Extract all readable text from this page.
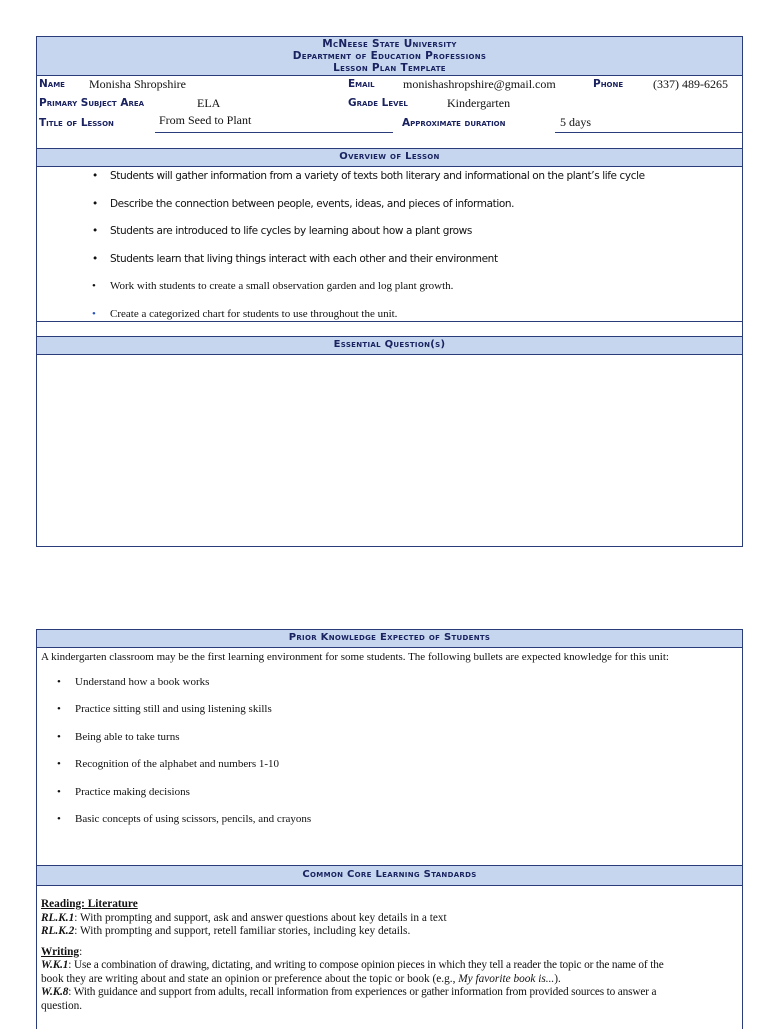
McNeese State University
Department of Education Professions
Lesson Plan Template
Name Monisha Shropshire	Email monishashropshire@gmail.com	Phone (337) 489-6265
Primary Subject Area	ELA	Grade Level	Kindergarten
Title of Lesson	From Seed to Plant	Approximate duration	5 days
Overview of Lesson
• Students will gather information from a variety of texts both literary and informational on the plant’s life cycle
• Describe the connection between people, events, ideas, and pieces of information.
• Students are introduced to life cycles by learning about how a plant grows
• Students learn that living things interact with each other and their environment
• Work with students to create a small observation garden and log plant growth.
• Create a categorized chart for students to use throughout the unit.
Essential Question(s)
Prior Knowledge Expected of Students
A kindergarten classroom may be the first learning environment for some students. The following bullets are expected knowledge for this unit:
• Understand how a book works
• Practice sitting still and using listening skills
• Being able to take turns
• Recognition of the alphabet and numbers 1-10
• Practice making decisions
• Basic concepts of using scissors, pencils, and crayons
Common Core Learning Standards

Reading: Literature

RL.K.1: With prompting and support, ask and answer questions about key details in a text

RL.K.2: With prompting and support, retell familiar stories, including key details.

Writing:

W.K.1: Use a combination of drawing, dictating, and writing to compose opinion pieces in which they tell a reader the topic or the name of the

book they are writing about and state an opinion or preference about the topic or book (e.g., My favorite book is...).

W.K.8: With guidance and support from adults, recall information from experiences or gather information from provided sources to answer a

question.
